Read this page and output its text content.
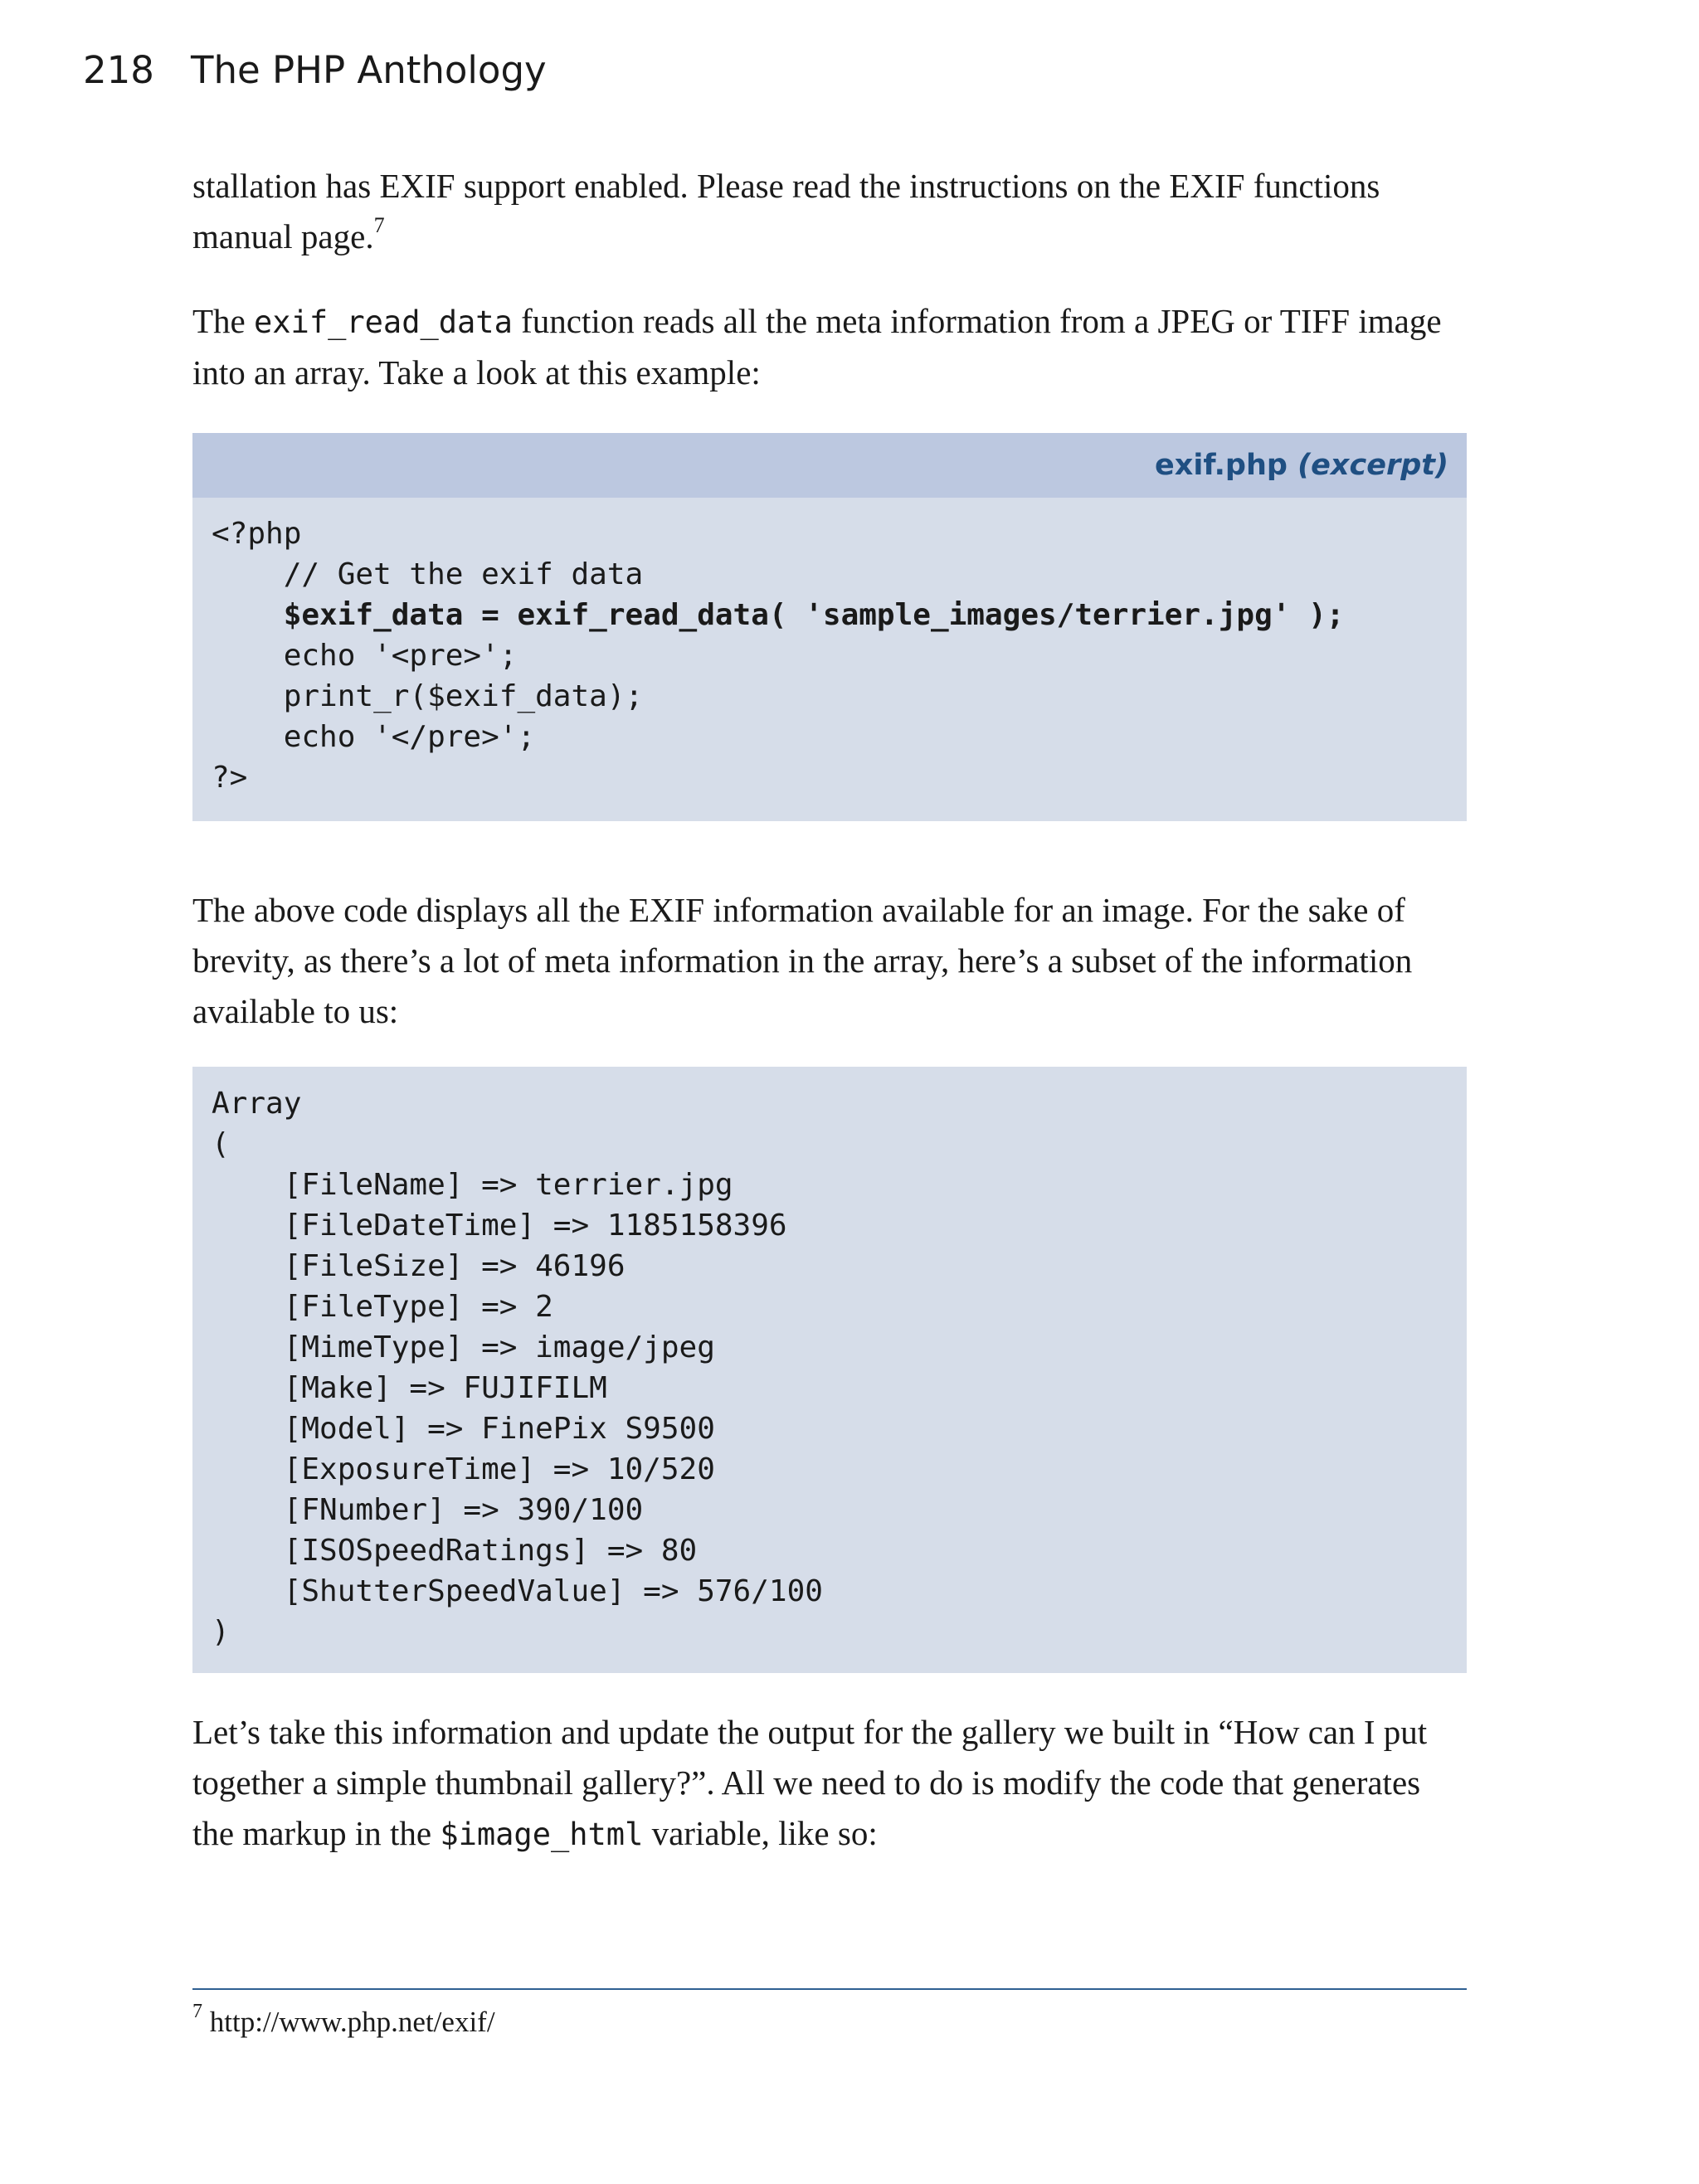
218 The PHP Anthology

stallation has EXIF support enabled. Please read the instructions on the EXIF functions manual page.$^7$

The exif_read_data function reads all the meta information from a JPEG or TIFF image into an array. Take a look at this example:

exif.php (excerpt)
<?php
// Get the exif data
$exif_data = exif_read_data( 'sample_images/terrier.jpg' );
echo '<pre>';
print_r($exif_data);
echo '</pre>';
?>

The above code displays all the EXIF information available for an image. For the sake of brevity, as there’s a lot of meta information in the array, here’s a subset of the information available to us:

Array
(
[FileName] => terrier.jpg
[FileDateTime] => 1185158396
[FileSize] => 46196
[FileType] => 2
[MimeType] => image/jpeg
[Make] => FUJIFILM
[Model] => FinePix S9500
[ExposureTime] => 10/520
[FNumber] => 390/100
[ISOSpeedRatings] => 80
[ShutterSpeedValue] => 576/100
)

Let’s take this information and update the output for the gallery we built in “How can I put together a simple thumbnail gallery?”. All we need to do is modify the code that generates the markup in the $image_html variable, like so:

$^7$ http://www.php.net/exif/
